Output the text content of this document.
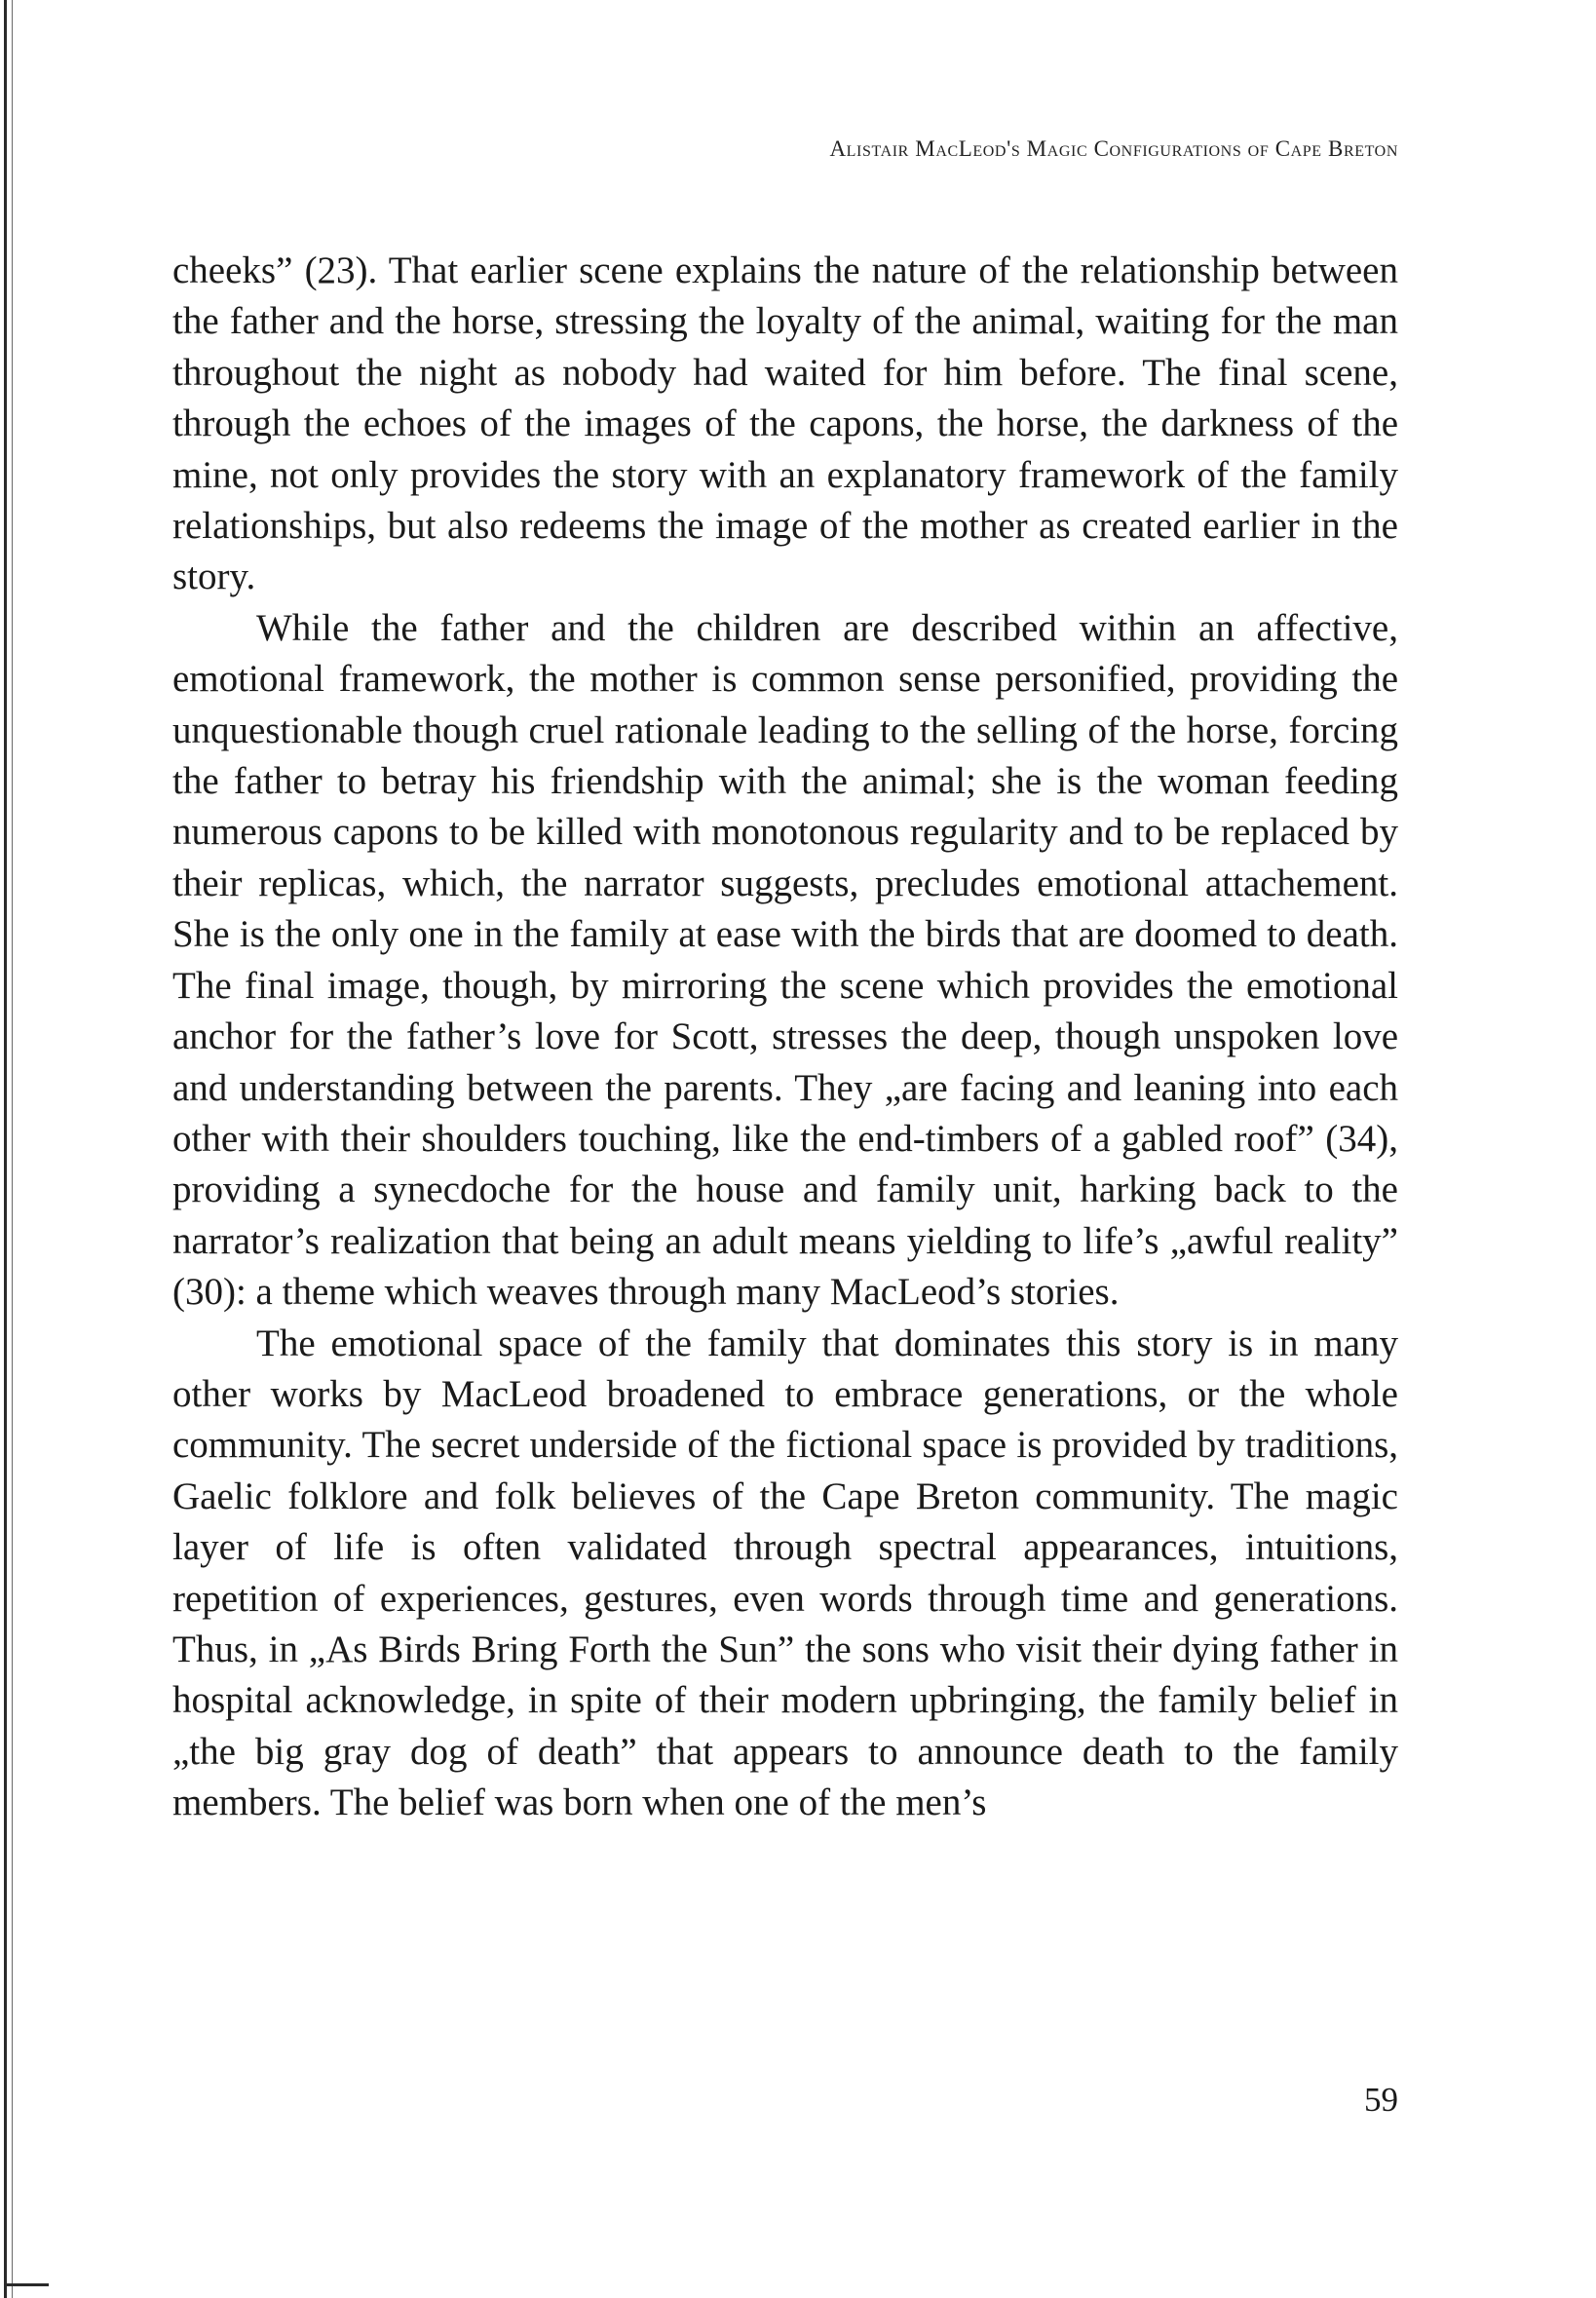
Alistair MacLeod's Magic Configurations of Cape Breton

cheeks” (23). That earlier scene explains the nature of the relationship between the father and the horse, stressing the loyalty of the animal, waiting for the man throughout the night as nobody had waited for him before. The final scene, through the echoes of the images of the capons, the horse, the darkness of the mine, not only provides the story with an explanatory framework of the family relationships, but also redeems the image of the mother as created earlier in the story.

While the father and the children are described within an affective, emotional framework, the mother is common sense personified, providing the unquestionable though cruel rationale leading to the selling of the horse, forcing the father to betray his friendship with the animal; she is the woman feeding numerous capons to be killed with monotonous regularity and to be replaced by their replicas, which, the narrator suggests, precludes emotional attachement. She is the only one in the family at ease with the birds that are doomed to death. The final image, though, by mirroring the scene which provides the emotional anchor for the father’s love for Scott, stresses the deep, though unspoken love and understanding between the parents. They „are facing and leaning into each other with their shoulders touching, like the end-timbers of a gabled roof” (34), providing a synecdoche for the house and family unit, harking back to the narrator’s realization that being an adult means yielding to life’s „awful reality” (30): a theme which weaves through many MacLeod’s stories.

The emotional space of the family that dominates this story is in many other works by MacLeod broadened to embrace generations, or the whole community. The secret underside of the fictional space is provided by traditions, Gaelic folklore and folk believes of the Cape Breton community. The magic layer of life is often validated through spectral appearances, intuitions, repetition of experiences, gestures, even words through time and generations. Thus, in „As Birds Bring Forth the Sun” the sons who visit their dying father in hospital acknowledge, in spite of their modern upbringing, the family belief in „the big gray dog of death” that appears to announce death to the family members. The belief was born when one of the men’s

59
